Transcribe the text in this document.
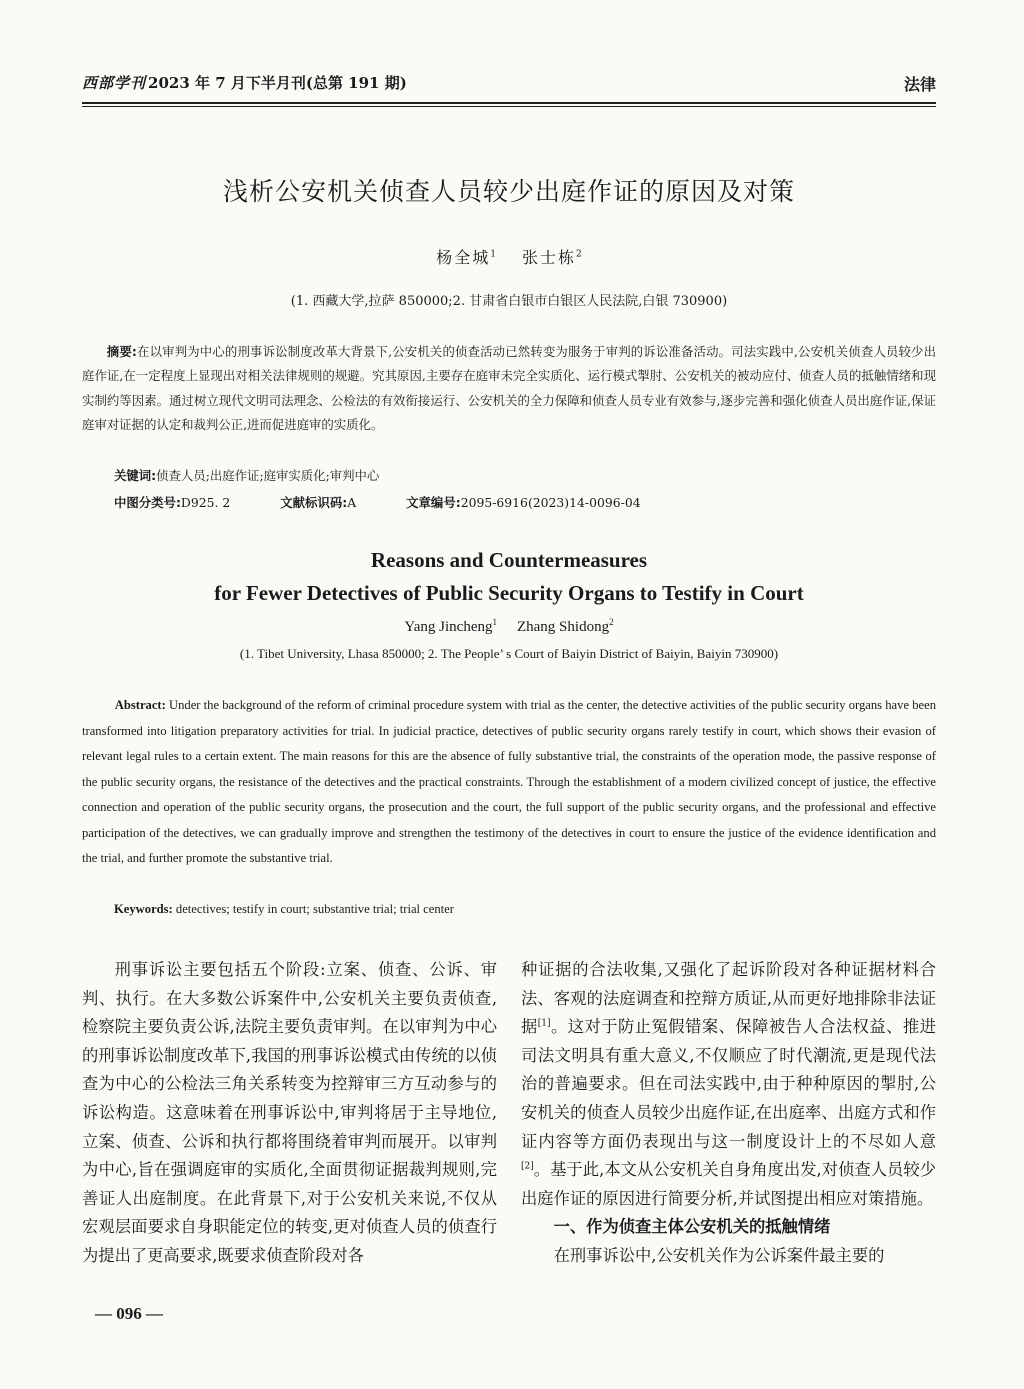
西部学刊 2023 年 7 月下半月刊(总第 191 期)	法律
浅析公安机关侦查人员较少出庭作证的原因及对策
杨全城$^1$ 张士栋$^2$
(1. 西藏大学,拉萨 850000;2. 甘肃省白银市白银区人民法院,白银 730900)
摘要:在以审判为中心的刑事诉讼制度改革大背景下,公安机关的侦查活动已然转变为服务于审判的诉讼准备活动。司法实践中,公安机关侦查人员较少出庭作证,在一定程度上显现出对相关法律规则的规避。究其原因,主要存在庭审未完全实质化、运行模式掣肘、公安机关的被动应付、侦查人员的抵触情绪和现实制约等因素。通过树立现代文明司法理念、公检法的有效衔接运行、公安机关的全力保障和侦查人员专业有效参与,逐步完善和强化侦查人员出庭作证,保证庭审对证据的认定和裁判公正,进而促进庭审的实质化。
关键词:侦查人员;出庭作证;庭审实质化;审判中心
中图分类号:D925. 2	文献标识码:A	文章编号:2095-6916(2023)14-0096-04
Reasons and Countermeasures
for Fewer Detectives of Public Security Organs to Testify in Court
Yang Jincheng$^1$ Zhang Shidong$^2$
(1. Tibet University, Lhasa 850000; 2. The People’ s Court of Baiyin District of Baiyin, Baiyin 730900)
Abstract: Under the background of the reform of criminal procedure system with trial as the center, the detective activities of the public security organs have been transformed into litigation preparatory activities for trial. In judicial practice, detectives of public security organs rarely testify in court, which shows their evasion of relevant legal rules to a certain extent. The main reasons for this are the absence of fully substantive trial, the constraints of the operation mode, the passive response of the public security organs, the resistance of the detectives and the practical constraints. Through the establishment of a modern civilized concept of justice, the effective connection and operation of the public security organs, the prosecution and the court, the full support of the public security organs, and the professional and effective participation of the detectives, we can gradually improve and strengthen the testimony of the detectives in court to ensure the justice of the evidence identification and the trial, and further promote the substantive trial.
Keywords: detectives; testify in court; substantive trial; trial center

刑事诉讼主要包括五个阶段:立案、侦查、公诉、审判、执行。在大多数公诉案件中,公安机关主要负责侦查,检察院主要负责公诉,法院主要负责审判。在以审判为中心的刑事诉讼制度改革下,我国的刑事诉讼模式由传统的以侦查为中心的公检法三角关系转变为控辩审三方互动参与的诉讼构造。这意味着在刑事诉讼中,审判将居于主导地位,立案、侦查、公诉和执行都将围绕着审判而展开。以审判为中心,旨在强调庭审的实质化,全面贯彻证据裁判规则,完善证人出庭制度。在此背景下,对于公安机关来说,不仅从宏观层面要求自身职能定位的转变,更对侦查人员的侦查行为提出了更高要求,既要求侦查阶段对各

种证据的合法收集,又强化了起诉阶段对各种证据材料合法、客观的法庭调查和控辩方质证,从而更好地排除非法证据[1]。这对于防止冤假错案、保障被告人合法权益、推进司法文明具有重大意义,不仅顺应了时代潮流,更是现代法治的普遍要求。但在司法实践中,由于种种原因的掣肘,公安机关的侦查人员较少出庭作证,在出庭率、出庭方式和作证内容等方面仍表现出与这一制度设计上的不尽如人意[2]。基于此,本文从公安机关自身角度出发,对侦查人员较少出庭作证的原因进行简要分析,并试图提出相应对策措施。

一、作为侦查主体公安机关的抵触情绪

在刑事诉讼中,公安机关作为公诉案件最主要的

— 096 —
